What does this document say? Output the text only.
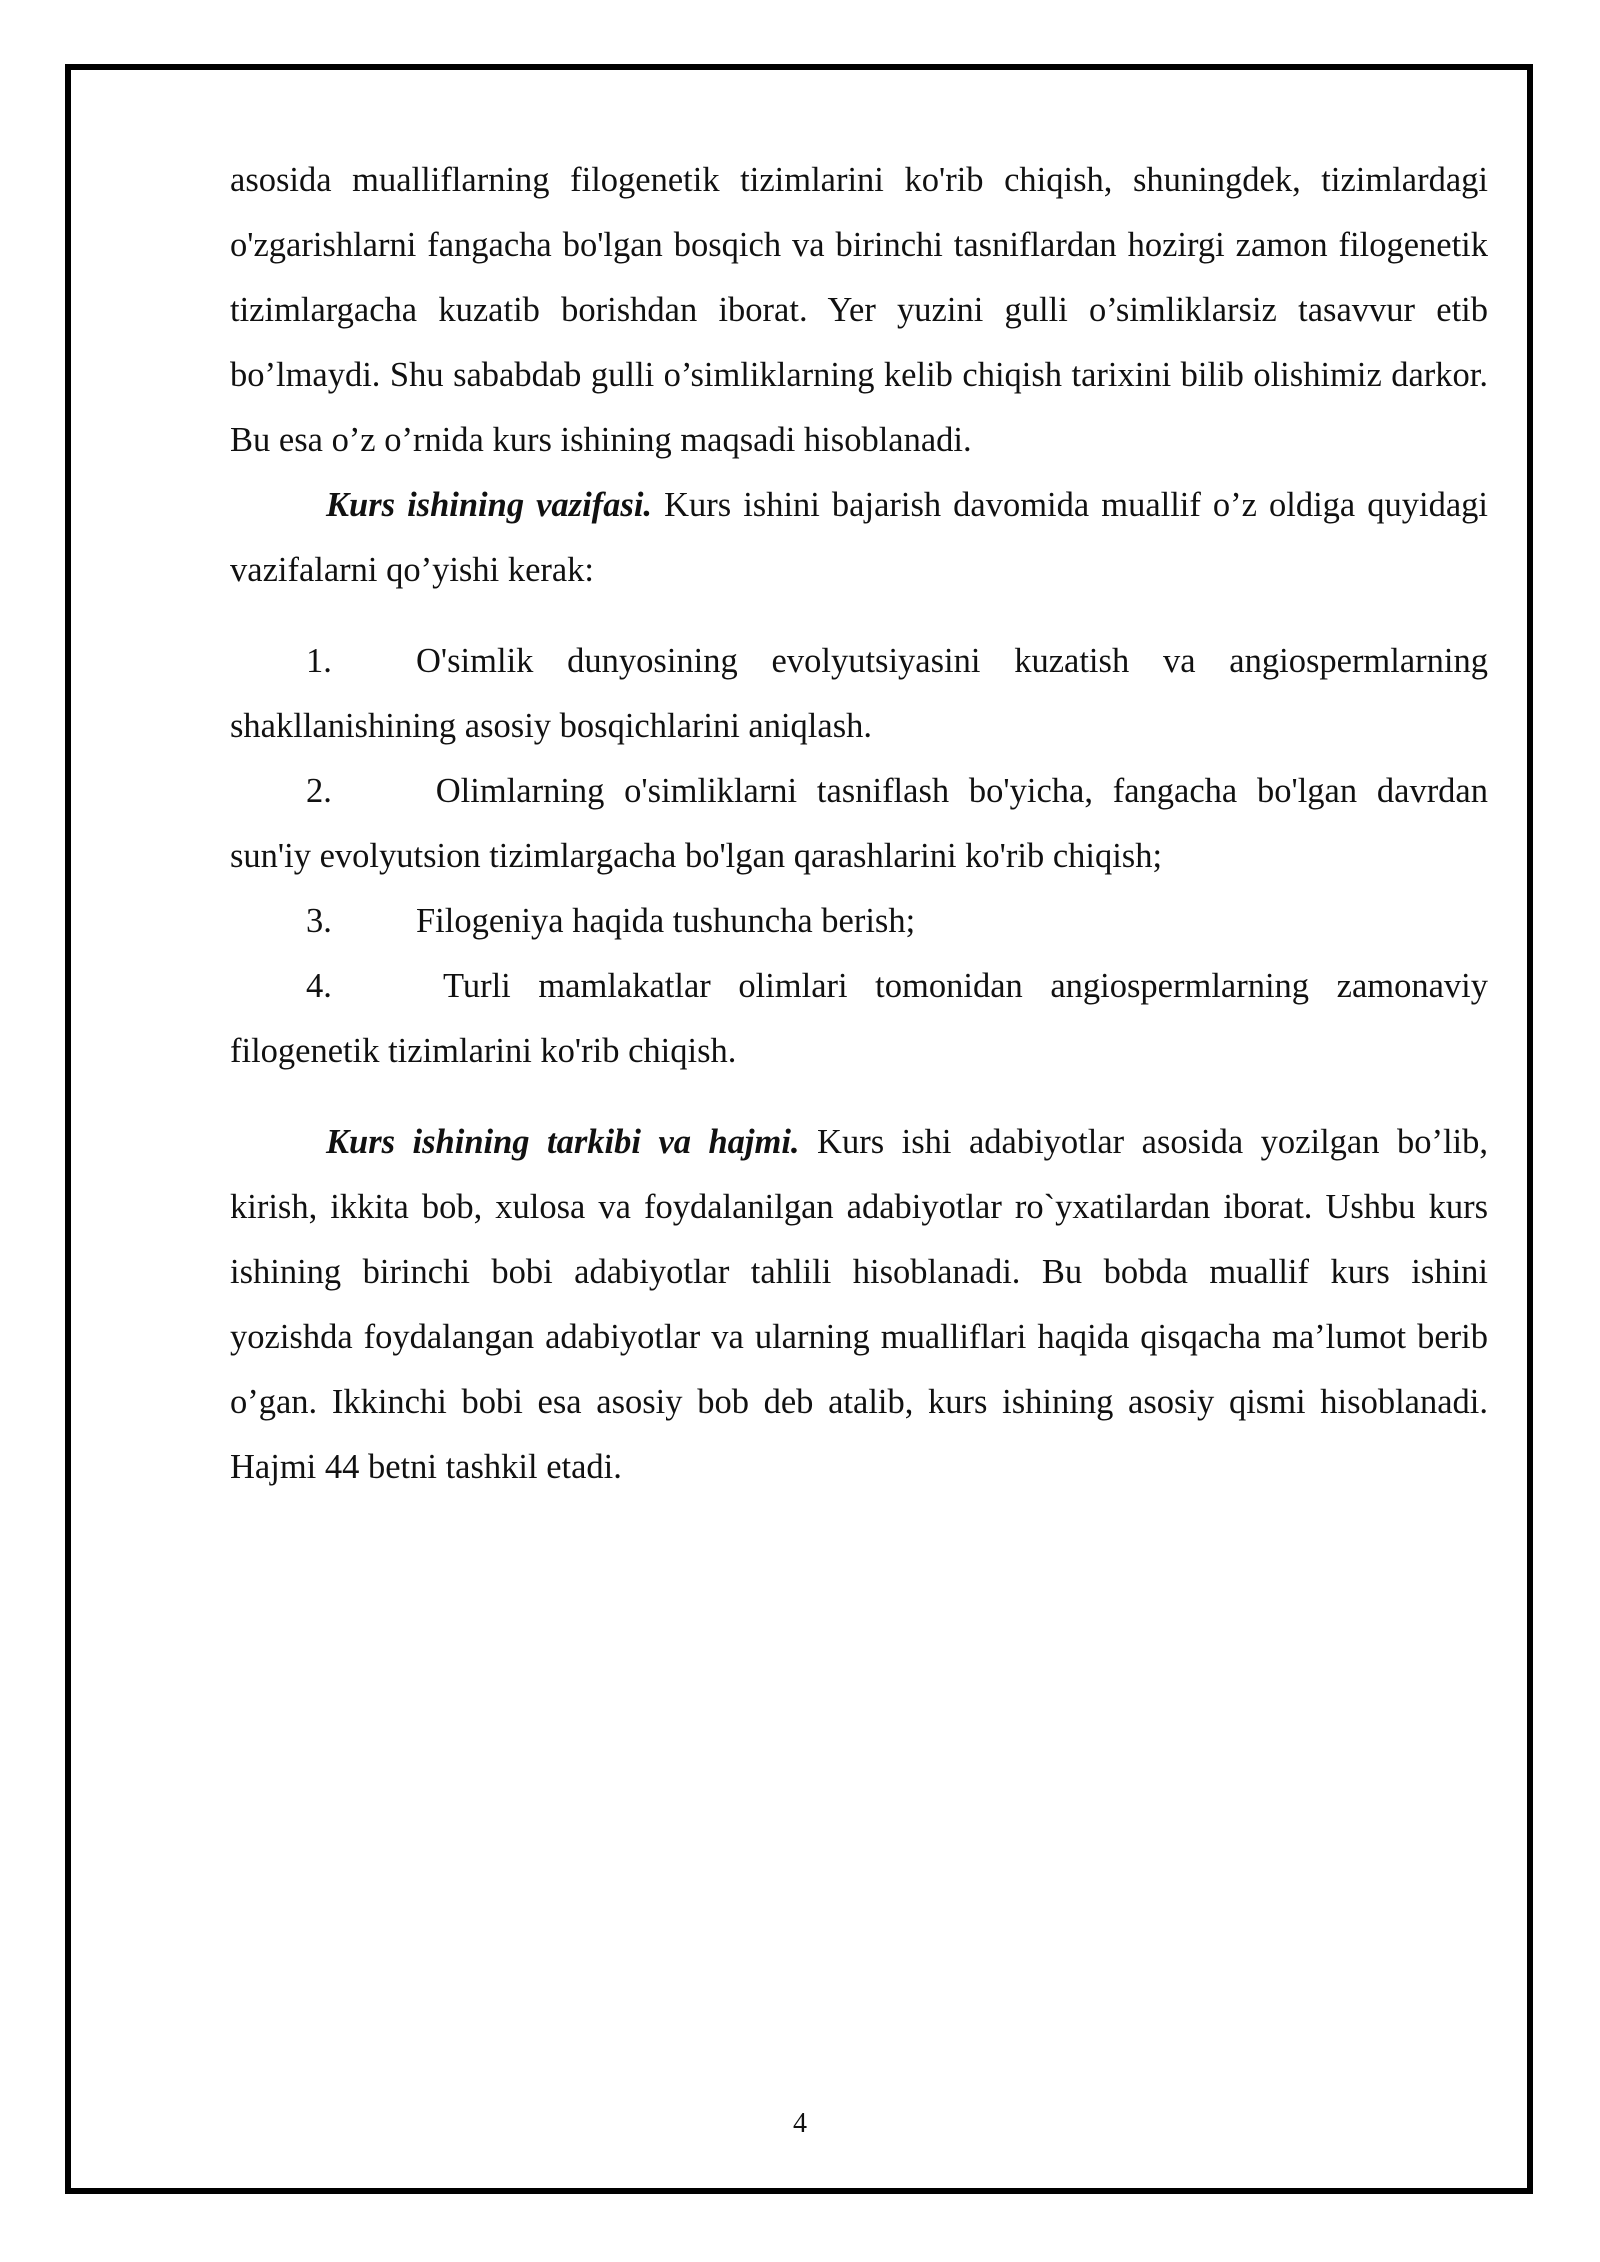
asosida mualliflarning filogenetik tizimlarini ko'rib chiqish, shuningdek, tizimlardagi o'zgarishlarni fangacha bo'lgan bosqich va birinchi tasniflardan hozirgi zamon filogenetik tizimlargacha kuzatib borishdan iborat. Yer yuzini gulli o’simliklarsiz tasavvur etib bo’lmaydi. Shu sababdab gulli o’simliklarning kelib chiqish tarixini bilib olishimiz darkor. Bu esa o’z o’rnida kurs ishining maqsadi hisoblanadi.

Kurs ishining vazifasi. Kurs ishini bajarish davomida muallif o’z oldiga quyidagi vazifalarni qo’yishi kerak:

1. O'simlik dunyosining evolyutsiyasini kuzatish va angiospermlarning shakllanishining asosiy bosqichlarini aniqlash.

2. Olimlarning o'simliklarni tasniflash bo'yicha, fangacha bo'lgan davrdan sun'iy evolyutsion tizimlargacha bo'lgan qarashlarini ko'rib chiqish;

3. Filogeniya haqida tushuncha berish;

4. Turli mamlakatlar olimlari tomonidan angiospermlarning zamonaviy filogenetik tizimlarini ko'rib chiqish.

Kurs ishining tarkibi va hajmi. Kurs ishi adabiyotlar asosida yozilgan bo’lib, kirish, ikkita bob, xulosa va foydalanilgan adabiyotlar ro`yxatilardan iborat. Ushbu kurs ishining birinchi bobi adabiyotlar tahlili hisoblanadi. Bu bobda muallif kurs ishini yozishda foydalangan adabiyotlar va ularning mualliflari haqida qisqacha ma’lumot berib o’gan. Ikkinchi bobi esa asosiy bob deb atalib, kurs ishining asosiy qismi hisoblanadi. Hajmi 44 betni tashkil etadi.

4
